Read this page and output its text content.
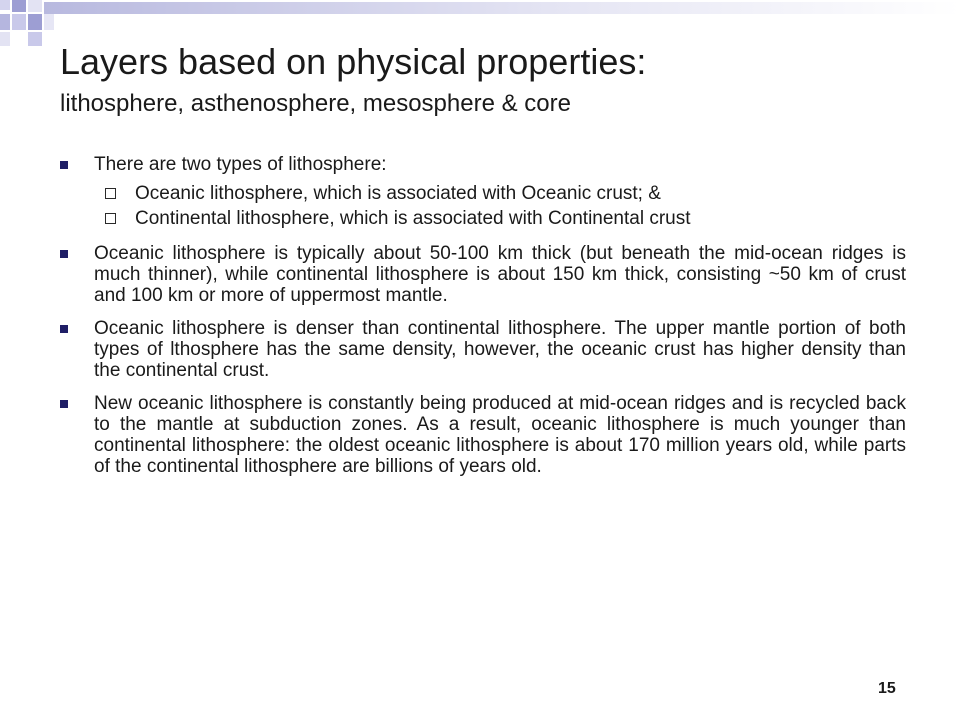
Layers based on physical properties:
lithosphere, asthenosphere, mesosphere & core
There are two types of lithosphere:
Oceanic lithosphere, which is associated with Oceanic crust; &
Continental lithosphere, which is associated with Continental crust
Oceanic lithosphere is typically about 50-100 km thick (but beneath the mid-ocean ridges is much thinner), while continental lithosphere is about 150 km thick, consisting ~50 km of crust and 100 km or more of uppermost mantle.
Oceanic lithosphere is denser than continental lithosphere. The upper mantle portion of both types of lthosphere has the same density, however, the oceanic crust has higher density than the continental crust.
New oceanic lithosphere is constantly being produced at mid-ocean ridges and is recycled back to the mantle at subduction zones. As a result, oceanic lithosphere is much younger than continental lithosphere: the oldest oceanic lithosphere is about 170 million years old, while parts of the continental lithosphere are billions of years old.
15
